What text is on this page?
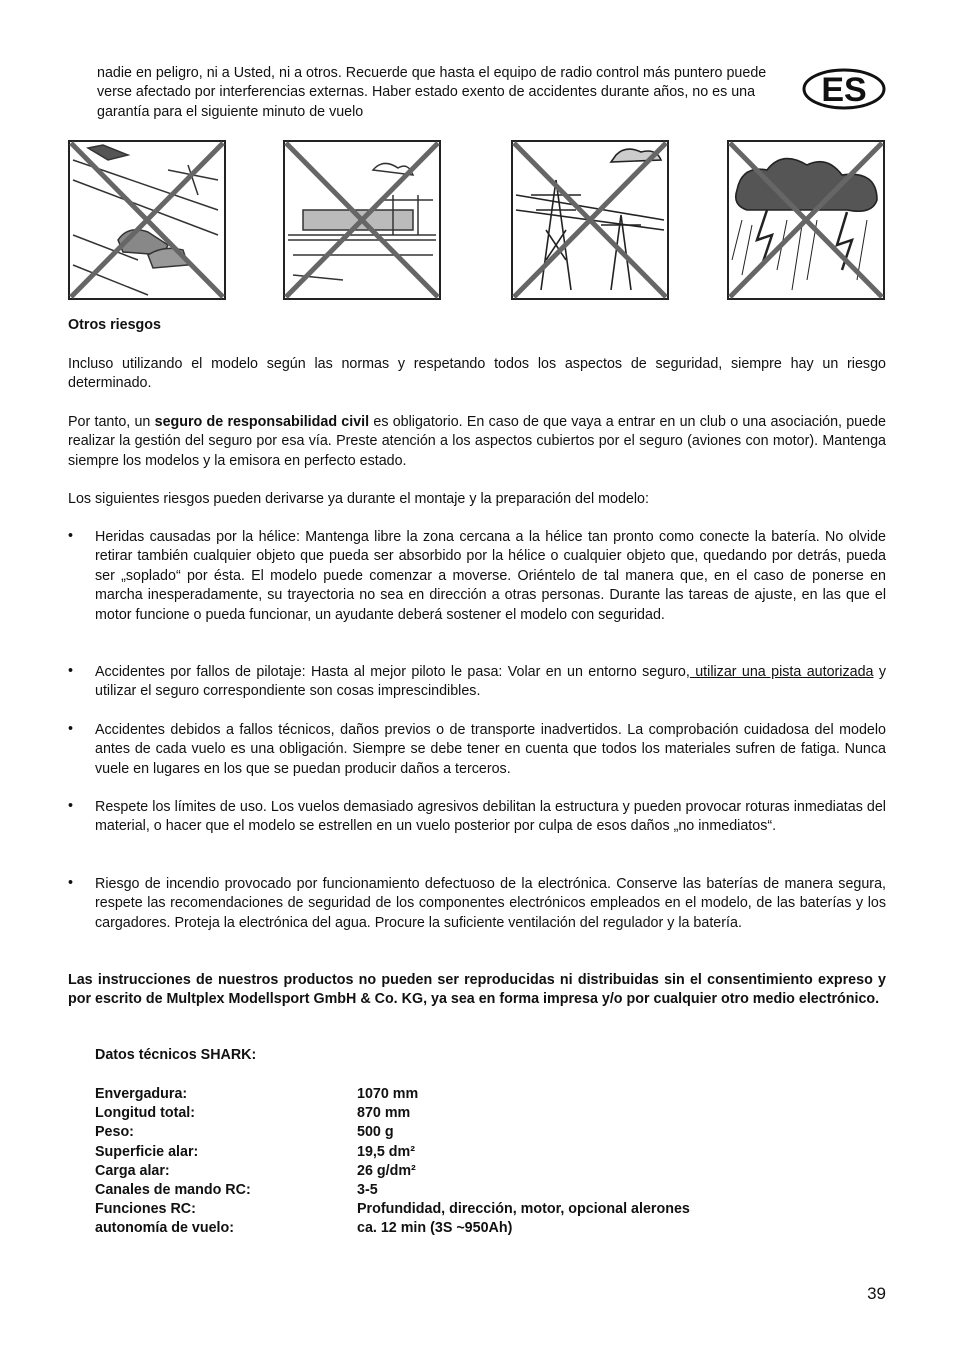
nadie en peligro, ni a Usted, ni a otros. Recuerde que hasta el equipo de radio control más puntero puede verse afectado por interferencias externas. Haber estado exento de accidentes durante años, no es una garantía para el siguiente minuto de vuelo

ES
Otros riesgos

Incluso utilizando el modelo según las normas y respetando todos los aspectos de seguridad, siempre hay un riesgo determinado.

Por tanto, un seguro de responsabilidad civil es obligatorio. En caso de que vaya a entrar en un club o una asociación, puede realizar la gestión del seguro por esa vía. Preste atención a los aspectos cubiertos por el seguro (aviones con motor). Mantenga siempre los modelos y la emisora en perfecto estado.

Los siguientes riesgos pueden derivarse ya durante el montaje y la preparación del modelo:

•	Heridas causadas por la hélice: Mantenga libre la zona cercana a la hélice tan pronto como conecte la batería. No olvide retirar también cualquier objeto que pueda ser absorbido por la hélice o cualquier objeto que, quedando por detrás, pueda ser „soplado“ por ésta. El modelo puede comenzar a moverse. Oriéntelo de tal manera que, en el caso de ponerse en marcha inesperadamente, su trayectoria no sea en dirección a otras personas. Durante las tareas de ajuste, en las que el motor funcione o pueda funcionar, un ayudante deberá sostener el modelo con seguridad.

•	Accidentes por fallos de pilotaje: Hasta al mejor piloto le pasa: Volar en un entorno seguro, utilizar una pista autorizada y utilizar el seguro correspondiente son cosas imprescindibles.

•	Accidentes debidos a fallos técnicos, daños previos o de transporte inadvertidos. La comprobación cuidadosa del modelo antes de cada vuelo es una obligación. Siempre se debe tener en cuenta que todos los materiales sufren de fatiga. Nunca vuele en lugares en los que se puedan producir daños a terceros.

•	Respete los límites de uso. Los vuelos demasiado agresivos debilitan la estructura y pueden provocar roturas inmediatas del material, o hacer que el modelo se estrellen en un vuelo posterior por culpa de esos daños „no inmediatos“.

•	Riesgo de incendio provocado por funcionamiento defectuoso de la electrónica. Conserve las baterías de manera segura, respete las recomendaciones de seguridad de los componentes electrónicos empleados en el modelo, de las baterías y los cargadores. Proteja la electrónica del agua. Procure la suficiente ventilación del regulador y la batería.

Las instrucciones de nuestros productos no pueden ser reproducidas ni distribuidas sin el consentimiento expreso y por escrito de Multplex Modellsport GmbH & Co. KG, ya sea en forma impresa y/o por cualquier otro medio electrónico.

Datos técnicos SHARK:
Envergadura:	1070 mm
Longitud total:	870 mm
Peso:	500 g
Superficie alar:	19,5 dm²
Carga alar:	26 g/dm²
Canales de mando RC:	3-5
Funciones RC:	Profundidad, dirección, motor, opcional alerones
autonomía de vuelo:	ca. 12 min (3S ~950Ah)
39
